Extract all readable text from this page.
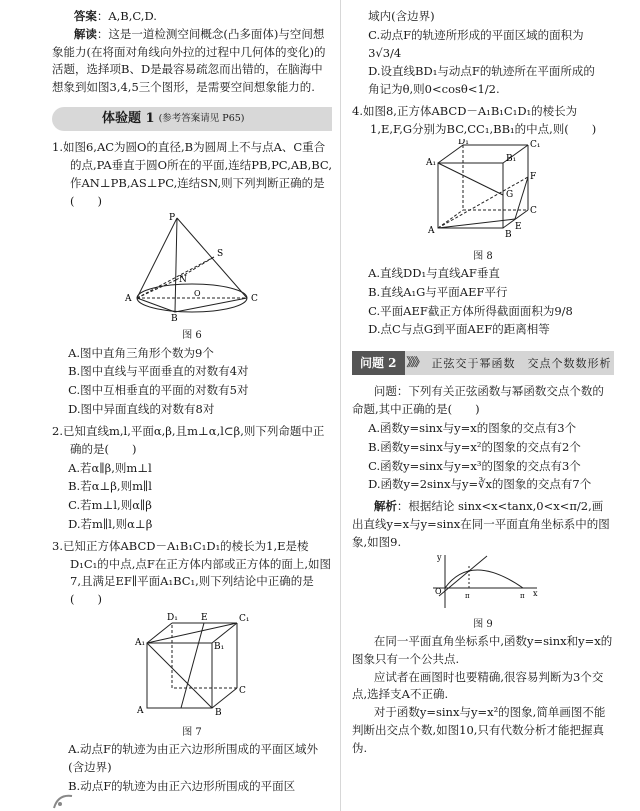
答案：A,B,C,D.

解读：这是一道检测空间概念(凸多面体)与空间想象能力(在将面对角线向外拉的过程中几何体的变化)的活题，选择项B、D是最容易疏忽而出错的，在脑海中想象到如图3,4,5三个图形，是需要空间想象能力的.

体验题 1 (参考答案请见 P65)

1.如图6,AC为圆O的直径,B为圆周上不与点A、C重合的点,PA垂直于圆O所在的平面,连结PB,PC,AB,BC,作AN⊥PB,AS⊥PC,连结SN,则下列判断正确的是(　　)

P
S
N
A	C
B
O
图 6

A.图中直角三角形个数为9个

B.图中直线与平面垂直的对数有4对

C.图中互相垂直的平面的对数有5对

D.图中异面直线的对数有8对

2.已知直线m,l,平面α,β,且m⊥α,l⊂β,则下列命题中正确的是(　　)

A.若α∥β,则m⊥l

B.若α⊥β,则m∥l

C.若m⊥l,则α∥β

D.若m∥l,则α⊥β

3.已知正方体ABCD－A₁B₁C₁D₁的棱长为1,E是棱D₁C₁的中点,点F在正方体内部或正方体的面上,如图7,且满足EF∥平面A₁BC₁,则下列结论中正确的是(　　)

D₁	E	C₁
A₁	B₁
C
A	B
图 7

A.动点F的轨迹为由正六边形所围成的平面区域外(含边界)

B.动点F的轨迹为由正六边形所围成的平面区

域内(含边界)

C.动点F的轨迹所形成的平面区域的面积为3√3/4

D.设直线BD₁与动点F的轨迹所在平面所成的
角记为θ,则0<cosθ<1/2.

4.如图8,正方体ABCD－A₁B₁C₁D₁的棱长为1,E,F,G分别为BC,CC₁,BB₁的中点,则(　　)

D₁	C₁
A₁	B₁
F
G
C
A	B
E
图 8

A.直线DD₁与直线AF垂直

B.直线A₁G与平面AEF平行

C.平面AEF截正方体所得截面面积为9/8

D.点C与点G到平面AEF的距离相等

问题 2 》》》 正弦交于幂函数　交点个数数形析

问题：下列有关正弦函数与幂函数交点个数的命题,其中正确的是(　　)

A.函数y=sinx与y=x的图象的交点有3个

B.函数y=sinx与y=x²的图象的交点有2个

C.函数y=sinx与y=x³的图象的交点有3个

D.函数y=2sinx与y=∛x的图象的交点有7个

解析：根据结论 sinx<x<tanx,0<x<π/2,画出直线y=x与y=sinx在同一平面直角坐标系中的图象,如图9.

y
O	x
π	π
图 9

在同一平面直角坐标系中,函数y=sinx和y=x的图象只有一个公共点.

应试者在画图时也要精确,很容易判断为3个交点,选择支A不正确.

对于函数y=sinx与y=x²的图象,简单画图不能判断出交点个数,如图10,只有代数分析才能把握真伪.
